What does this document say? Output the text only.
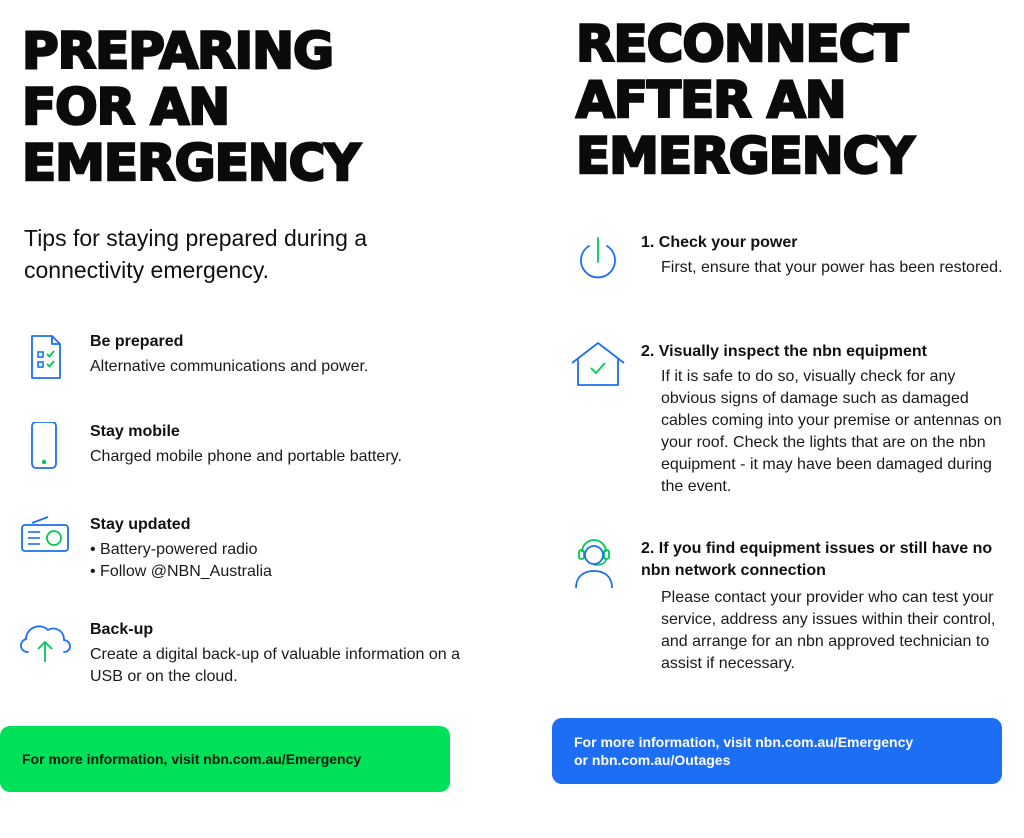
PREPARING
FOR AN
EMERGENCY
Tips for staying prepared during a connectivity emergency.
Be prepared
Alternative communications and power.
Stay mobile
Charged mobile phone and portable battery.
Stay updated
• Battery-powered radio
• Follow @NBN_Australia
Back-up
Create a digital back-up of valuable information on a USB or on the cloud.
For more information, visit nbn.com.au/Emergency
RECONNECT
AFTER AN
EMERGENCY
1. Check your power
First, ensure that your power has been restored.
2. Visually inspect the nbn equipment
If it is safe to do so, visually check for any obvious signs of damage such as damaged cables coming into your premise or antennas on your roof. Check the lights that are on the nbn equipment - it may have been damaged during the event.
2. If you find equipment issues or still have no nbn network connection
Please contact your provider who can test your service, address any issues within their control, and arrange for an nbn approved technician to assist if necessary.
For more information, visit nbn.com.au/Emergency
or nbn.com.au/Outages
